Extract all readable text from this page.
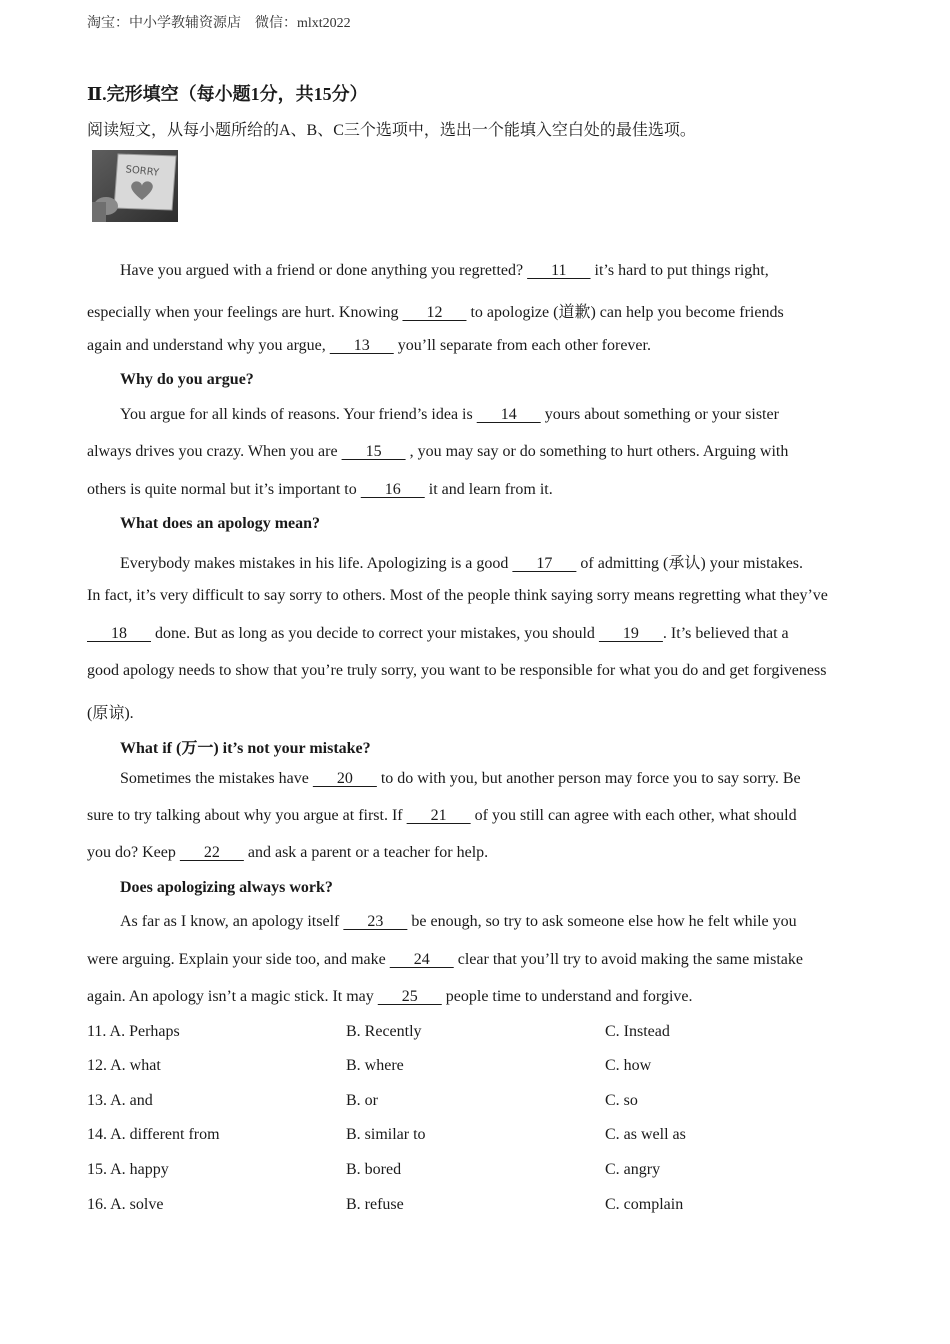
淘宝：中小学教辅资源店　微信：mlxt2022
Ⅱ.完形填空（每小题1分，共15分）
阅读短文，从每小题所给的A、B、C三个选项中，选出一个能填入空白处的最佳选项。
SORRY
Have you argued with a friend or done anything you regretted?       11       it’s hard to put things right,
especially when your feelings are hurt. Knowing       12       to apologize (道歉) can help you become friends
again and understand why you argue,       13       you’ll separate from each other forever.
Why do you argue?
You argue for all kinds of reasons. Your friend’s idea is       14       yours about something or your sister
always drives you crazy. When you are       15       , you may say or do something to hurt others. Arguing with
others is quite normal but it’s important to       16       it and learn from it.
What does an apology mean?
Everybody makes mistakes in his life. Apologizing is a good       17       of admitting (承认) your mistakes.
In fact, it’s very difficult to say sorry to others. Most of the people think saying sorry means regretting what they’ve
18       done. But as long as you decide to correct your mistakes, you should       19      . It’s believed that a
good apology needs to show that you’re truly sorry, you want to be responsible for what you do and get forgiveness
(原谅).
What if (万一) it’s not your mistake?
Sometimes the mistakes have       20       to do with you, but another person may force you to say sorry. Be
sure to try talking about why you argue at first. If       21       of you still can agree with each other, what should
you do? Keep       22       and ask a parent or a teacher for help.
Does apologizing always work?
As far as I know, an apology itself       23       be enough, so try to ask someone else how he felt while you
were arguing. Explain your side too, and make       24       clear that you’ll try to avoid making the same mistake
again. An apology isn’t a magic stick. It may       25       people time to understand and forgive.
11. A. Perhaps	B. Recently	C. Instead
12. A. what	B. where	C. how
13. A. and	B. or	C. so
14. A. different from	B. similar to	C. as well as
15. A. happy	B. bored	C. angry
16. A. solve	B. refuse	C. complain
